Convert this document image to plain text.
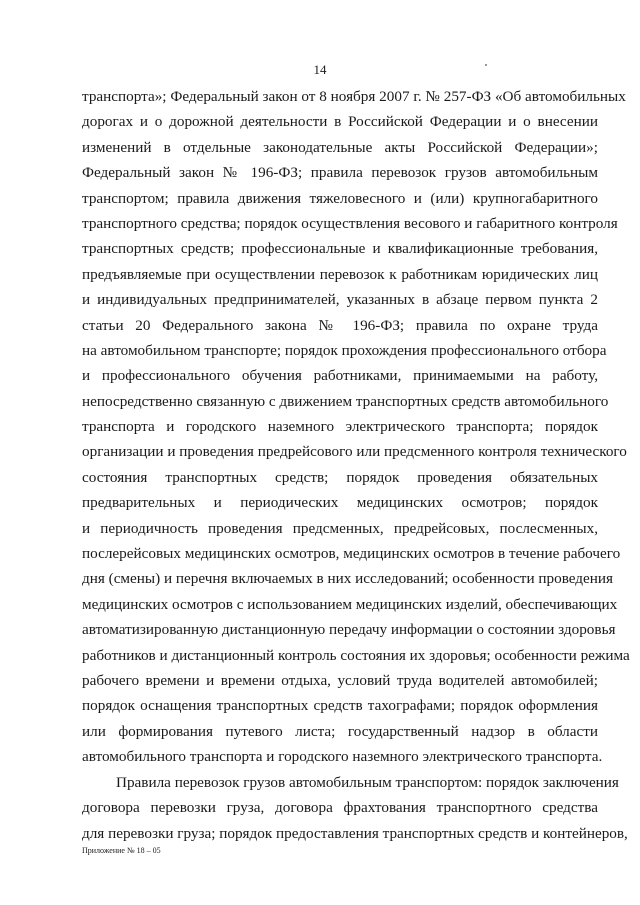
14
транспорта»; Федеральный закон от 8 ноября 2007 г. № 257-ФЗ «Об автомобильных
дорогах и о дорожной деятельности в Российской Федерации и о внесении
изменений в отдельные законодательные акты Российской Федерации»;
Федеральный закон № 196-ФЗ; правила перевозок грузов автомобильным
транспортом; правила движения тяжеловесного и (или) крупногабаритного
транспортного средства; порядок осуществления весового и габаритного контроля
транспортных средств; профессиональные и квалификационные требования,
предъявляемые при осуществлении перевозок к работникам юридических лиц
и индивидуальных предпринимателей, указанных в абзаце первом пункта 2
статьи 20 Федерального закона № 196-ФЗ; правила по охране труда
на автомобильном транспорте; порядок прохождения профессионального отбора
и профессионального обучения работниками, принимаемыми на работу,
непосредственно связанную с движением транспортных средств автомобильного
транспорта и городского наземного электрического транспорта; порядок
организации и проведения предрейсового или предсменного контроля технического
состояния транспортных средств; порядок проведения обязательных
предварительных и периодических медицинских осмотров; порядок
и периодичность проведения предсменных, предрейсовых, послесменных,
послерейсовых медицинских осмотров, медицинских осмотров в течение рабочего
дня (смены) и перечня включаемых в них исследований; особенности проведения
медицинских осмотров с использованием медицинских изделий, обеспечивающих
автоматизированную дистанционную передачу информации о состоянии здоровья
работников и дистанционный контроль состояния их здоровья; особенности режима
рабочего времени и времени отдыха, условий труда водителей автомобилей;
порядок оснащения транспортных средств тахографами; порядок оформления
или формирования путевого листа; государственный надзор в области
автомобильного транспорта и городского наземного электрического транспорта.
Правила перевозок грузов автомобильным транспортом: порядок заключения
договора перевозки груза, договора фрахтования транспортного средства
для перевозки груза; порядок предоставления транспортных средств и контейнеров,
Приложение № 18 – 05
